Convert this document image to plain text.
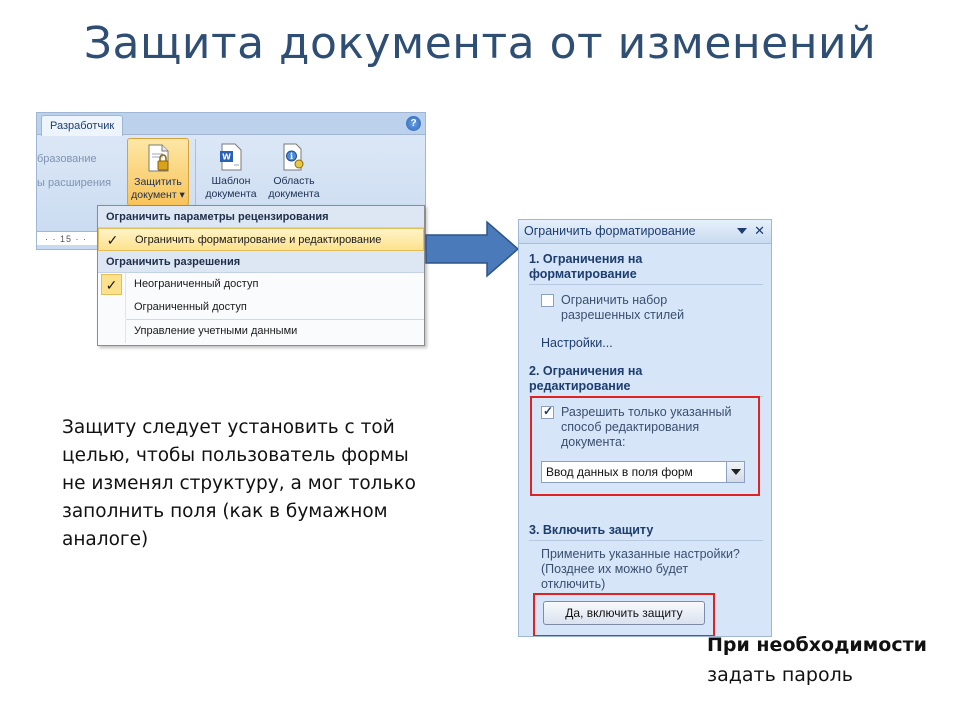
Защита документа от изменений
Разработчик	?
бразование
ы расширения	Защитить
документ ▾
W
Шаблон
документа
i
Область
документа
· · 15 · ·
Ограничить параметры рецензирования
✓	Ограничить форматирование и редактирование
Ограничить разрешения
✓	Неограниченный доступ
Ограниченный доступ
Управление учетными данными
Ограничить форматирование	✕
1. Ограничения на
форматирование
Ограничить набор
разрешенных стилей
Настройки...
2. Ограничения на
редактирование
✓
Разрешить только указанный
способ редактирования
документа:
Ввод данных в поля форм
3. Включить защиту
Применить указанные настройки?
(Позднее их можно будет
отключить)
Да, включить защиту
Защиту следует установить с той целью, чтобы пользователь формы не изменял структуру, а мог только заполнить поля (как в бумажном аналоге)
При необходимости
задать пароль
